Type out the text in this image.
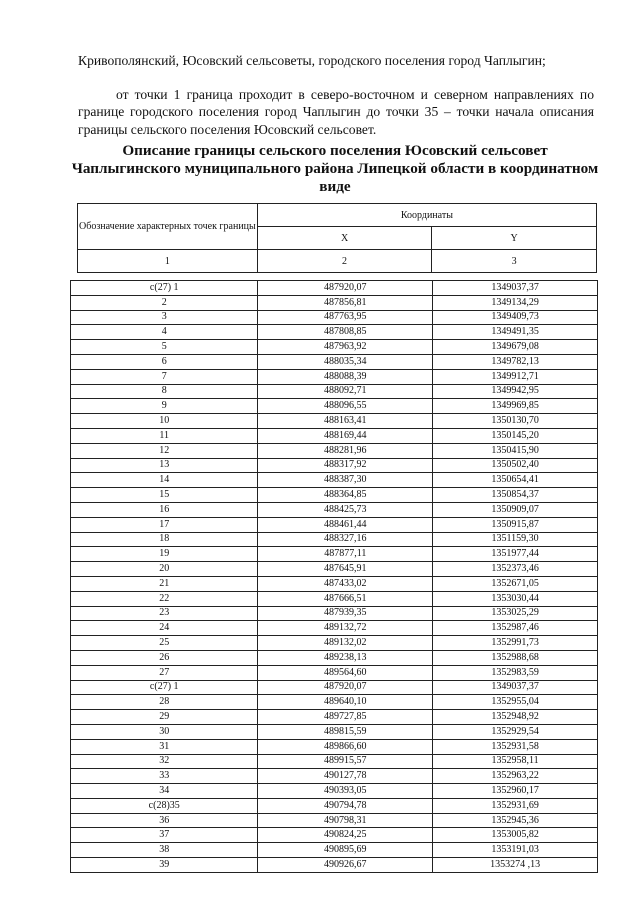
Кривополянский, Юсовский сельсоветы, городского поселения город Чаплыгин;

от точки 1 граница проходит в северо-восточном и северном направлениях по границе городского поселения город Чаплыгин до точки 35 – точки начала описания границы сельского поселения Юсовский сельсовет.

Описание границы сельского поселения Юсовский сельсовет Чаплыгинского муниципального района Липецкой области в координатном виде
Обозначение характерных точек границы	Координаты	
	X	Y
1	2	3
с(27) 1	487920,07	1349037,37
2	487856,81	1349134,29
3	487763,95	1349409,73
4	487808,85	1349491,35
5	487963,92	1349679,08
6	488035,34	1349782,13
7	488088,39	1349912,71
8	488092,71	1349942,95
9	488096,55	1349969,85
10	488163,41	1350130,70
11	488169,44	1350145,20
12	488281,96	1350415,90
13	488317,92	1350502,40
14	488387,30	1350654,41
15	488364,85	1350854,37
16	488425,73	1350909,07
17	488461,44	1350915,87
18	488327,16	1351159,30
19	487877,11	1351977,44
20	487645,91	1352373,46
21	487433,02	1352671,05
22	487666,51	1353030,44
23	487939,35	1353025,29
24	489132,72	1352987,46
25	489132,02	1352991,73
26	489238,13	1352988,68
27	489564,60	1352983,59
с(27) 1	487920,07	1349037,37
28	489640,10	1352955,04
29	489727,85	1352948,92
30	489815,59	1352929,54
31	489866,60	1352931,58
32	489915,57	1352958,11
33	490127,78	1352963,22
34	490393,05	1352960,17
с(28)35	490794,78	1352931,69
36	490798,31	1352945,36
37	490824,25	1353005,82
38	490895,69	1353191,03
39	490926,67	1353274 ,13
